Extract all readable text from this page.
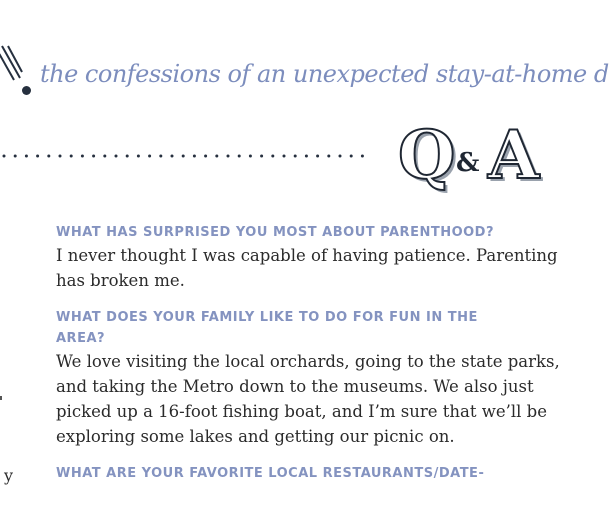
the confessions of an unexpected stay-at-home d
Q & A
y

WHAT HAS SURPRISED YOU MOST ABOUT PARENTHOOD?

I never thought I was capable of having patience. Parenting
has broken me.

WHAT DOES YOUR FAMILY LIKE TO DO FOR FUN IN THE AREA?

We love visiting the local orchards, going to the state parks,
and taking the Metro down to the museums. We also just
picked up a 16-foot fishing boat, and I’m sure that we’ll be
exploring some lakes and getting our picnic on.

WHAT ARE YOUR FAVORITE LOCAL RESTAURANTS/DATE-
